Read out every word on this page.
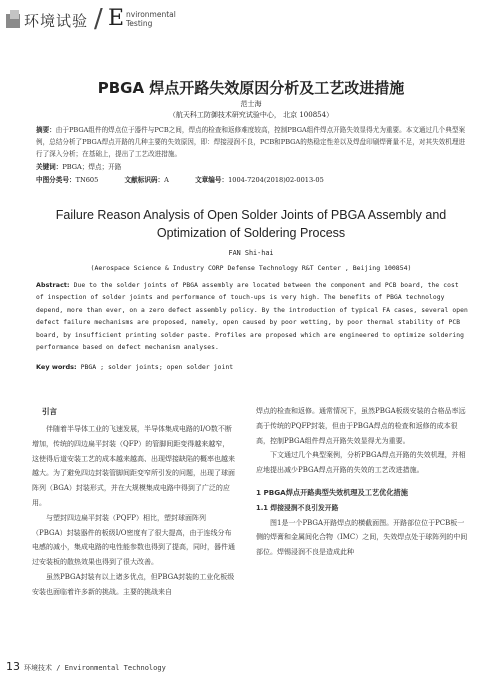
环境试验 / E nvironmental
Testing
PBGA 焊点开路失效原因分析及工艺改进措施
范士海
（航天科工防御技术研究试验中心， 北京 100854）
摘要：由于PBGA组件的焊点位于器件与PCB之间，焊点的检查和返修难度较高，控制PBGA组件焊点开路失效显得尤为重要。本文通过几个典型案例，总结分析了PBGA焊点开路的几种主要的失效原因，即：焊接浸润不良，PCB和PBGA的热稳定性差以及焊盘印刷焊膏量不足，对其失效机理进行了深入分析；在基础上，提出了工艺改进措施。
关键词：PBGA；焊点；开路
中图分类号：TN605	文献标识码：A	文章编号：1004-7204(2018)02-0013-05
Failure Reason Analysis of Open Solder Joints of PBGA Assembly and
Optimization of Soldering Process
FAN Shi-hai
(Aerospace Science & Industry CORP Defense Technology R&T Center , Beijing 100854)
Abstract: Due to the solder joints of PBGA assembly are located between the component and PCB board, the cost of inspection of solder joints and performance of touch-ups is very high. The benefits of PBGA technology depend, more than ever, on a zero defect assembly policy. By the introduction of typical FA cases, several open defect failure mechanisms are proposed, namely, open caused by poor wetting, by poor thermal stability of PCB board, by insufficient printing solder paste. Profiles are proposed which are engineered to optimize soldering performance based on defect mechanism analyses.
Key words: PBGA ; solder joints; open solder joint

伴随着半导体工业的飞速发展，半导体集成电路的I/O数不断增加，传统的四边扁平封装（QFP）的管脚间距变得越来越窄，这使得后道安装工艺的成本越来越高、出现焊接缺陷的概率也越来越大。为了避免四边封装管脚间距变窄所引发的问题，出现了球面阵列（BGA）封装形式，并在大规模集成电路中得到了广泛的应用。

与塑封四边扁平封装（PQFP）相比，塑封球面阵列（PBGA）封装器件的板级I/O密度有了很大提高，由于连线分布电感的减小，集成电路的电性能参数也得到了提高，同时，器件通过安装板的散热效果也得到了很大改善。

虽然PBGA封装有以上诸多优点，但PBGA封装的工业化板级安装也面临着许多新的挑战。主要的挑战来自

引言	焊点的检查和返修。通常情况下，虽然PBGA板级安装的合格品率远高于传统的PQFP封装，但由于PBGA焊点的检查和返修的成本很高，控制PBGA组件焊点开路失效显得尤为重要。

下文通过几个典型案例，分析PBGA焊点开路的失效机理，并相应地提出减少PBGA焊点开路的失效的工艺改进措施。

1 PBGA焊点开路典型失效机理及工艺优化措施

1.1 焊接浸润不良引发开路

图1是一个PBGA开路焊点的横截面图。开路部位位于PCB板一侧的焊膏和金属间化合物（IMC）之间，失效焊点处于球阵列的中间部位。焊锡浸润不良是造成此种

13 环境技术 / Environmental Technology
